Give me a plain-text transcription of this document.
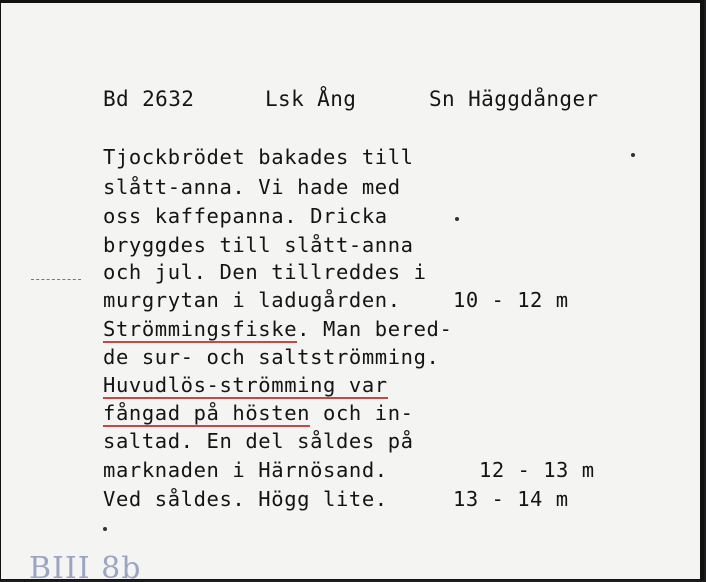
Bd 2632	Lsk Ång	Sn Häggdånger
Tjockbrödet bakades till
slått-anna. Vi hade med
oss kaffepanna. Dricka
bryggdes till slått-anna
och jul. Den tillreddes i
murgrytan i ladugården.
Strömmingsfiske. Man bered-
de sur- och saltströmming.
Huvudlös-strömming var
fångad på hösten och in-
saltad. En del såldes på
marknaden i Härnösand.
Ved såldes. Högg lite.
10 - 12 m
12 - 13 m
13 - 14 m
BIII 8b
